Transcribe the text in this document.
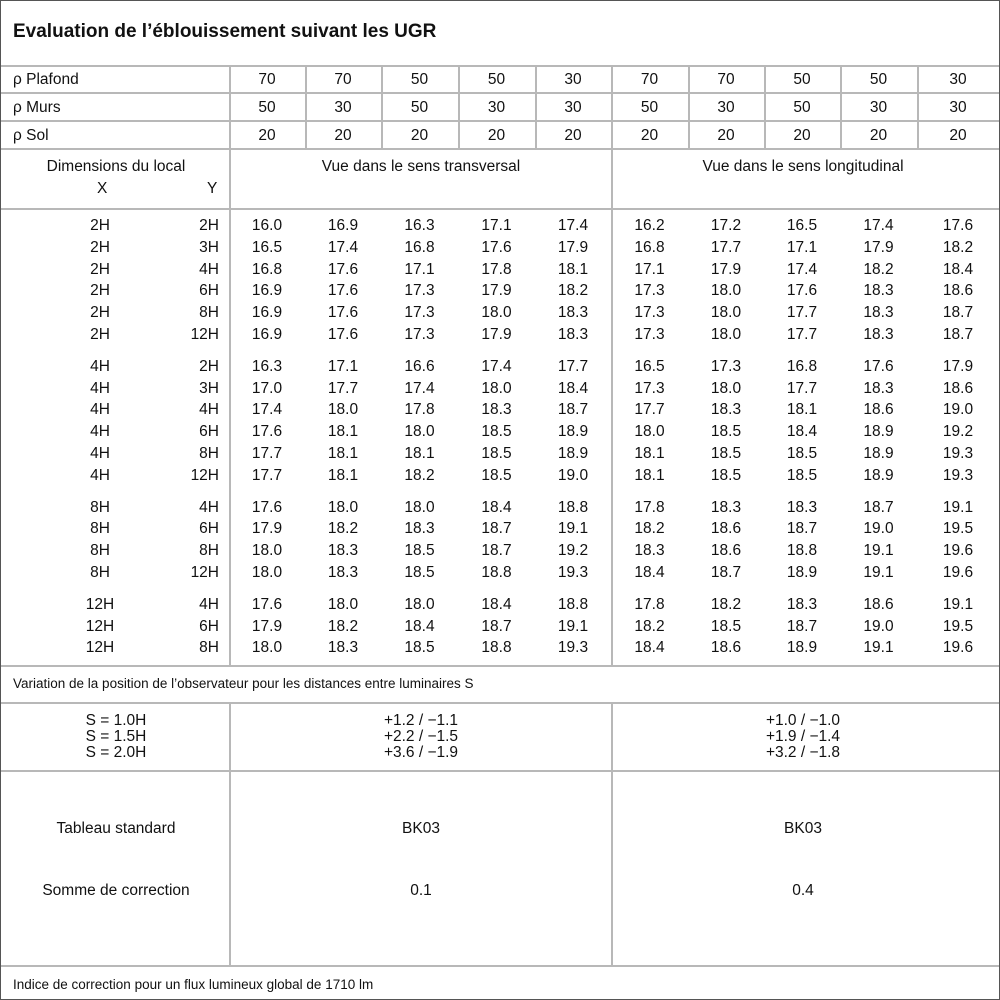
Evaluation de l’éblouissement suivant les UGR
ρ Plafond	70	70	50	50	30	70	70	50	50	30
ρ Murs	50	30	50	30	30	50	30	50	30	30
ρ Sol	20	20	20	20	20	20	20	20	20	20
Dimensions du local
X	Y
Vue dans le sens transversal	Vue dans le sens longitudinal
2H	2H	16.0	16.9	16.3	17.1	17.4	16.2	17.2	16.5	17.4	17.6
2H	3H	16.5	17.4	16.8	17.6	17.9	16.8	17.7	17.1	17.9	18.2
2H	4H	16.8	17.6	17.1	17.8	18.1	17.1	17.9	17.4	18.2	18.4
2H	6H	16.9	17.6	17.3	17.9	18.2	17.3	18.0	17.6	18.3	18.6
2H	8H	16.9	17.6	17.3	18.0	18.3	17.3	18.0	17.7	18.3	18.7
2H	12H	16.9	17.6	17.3	17.9	18.3	17.3	18.0	17.7	18.3	18.7
4H	2H	16.3	17.1	16.6	17.4	17.7	16.5	17.3	16.8	17.6	17.9
4H	3H	17.0	17.7	17.4	18.0	18.4	17.3	18.0	17.7	18.3	18.6
4H	4H	17.4	18.0	17.8	18.3	18.7	17.7	18.3	18.1	18.6	19.0
4H	6H	17.6	18.1	18.0	18.5	18.9	18.0	18.5	18.4	18.9	19.2
4H	8H	17.7	18.1	18.1	18.5	18.9	18.1	18.5	18.5	18.9	19.3
4H	12H	17.7	18.1	18.2	18.5	19.0	18.1	18.5	18.5	18.9	19.3
8H	4H	17.6	18.0	18.0	18.4	18.8	17.8	18.3	18.3	18.7	19.1
8H	6H	17.9	18.2	18.3	18.7	19.1	18.2	18.6	18.7	19.0	19.5
8H	8H	18.0	18.3	18.5	18.7	19.2	18.3	18.6	18.8	19.1	19.6
8H	12H	18.0	18.3	18.5	18.8	19.3	18.4	18.7	18.9	19.1	19.6
12H	4H	17.6	18.0	18.0	18.4	18.8	17.8	18.2	18.3	18.6	19.1
12H	6H	17.9	18.2	18.4	18.7	19.1	18.2	18.5	18.7	19.0	19.5
12H	8H	18.0	18.3	18.5	18.8	19.3	18.4	18.6	18.9	19.1	19.6
Variation de la position de l’observateur pour les distances entre luminaires S
S = 1.0H	+1.2 / −1.1	+1.0 / −1.0
S = 1.5H	+2.2 / −1.5	+1.9 / −1.4
S = 2.0H	+3.6 / −1.9	+3.2 / −1.8
Tableau standard	BK03	BK03
Somme de correction	0.1	0.4
Indice de correction pour un flux lumineux global de 1710 lm
